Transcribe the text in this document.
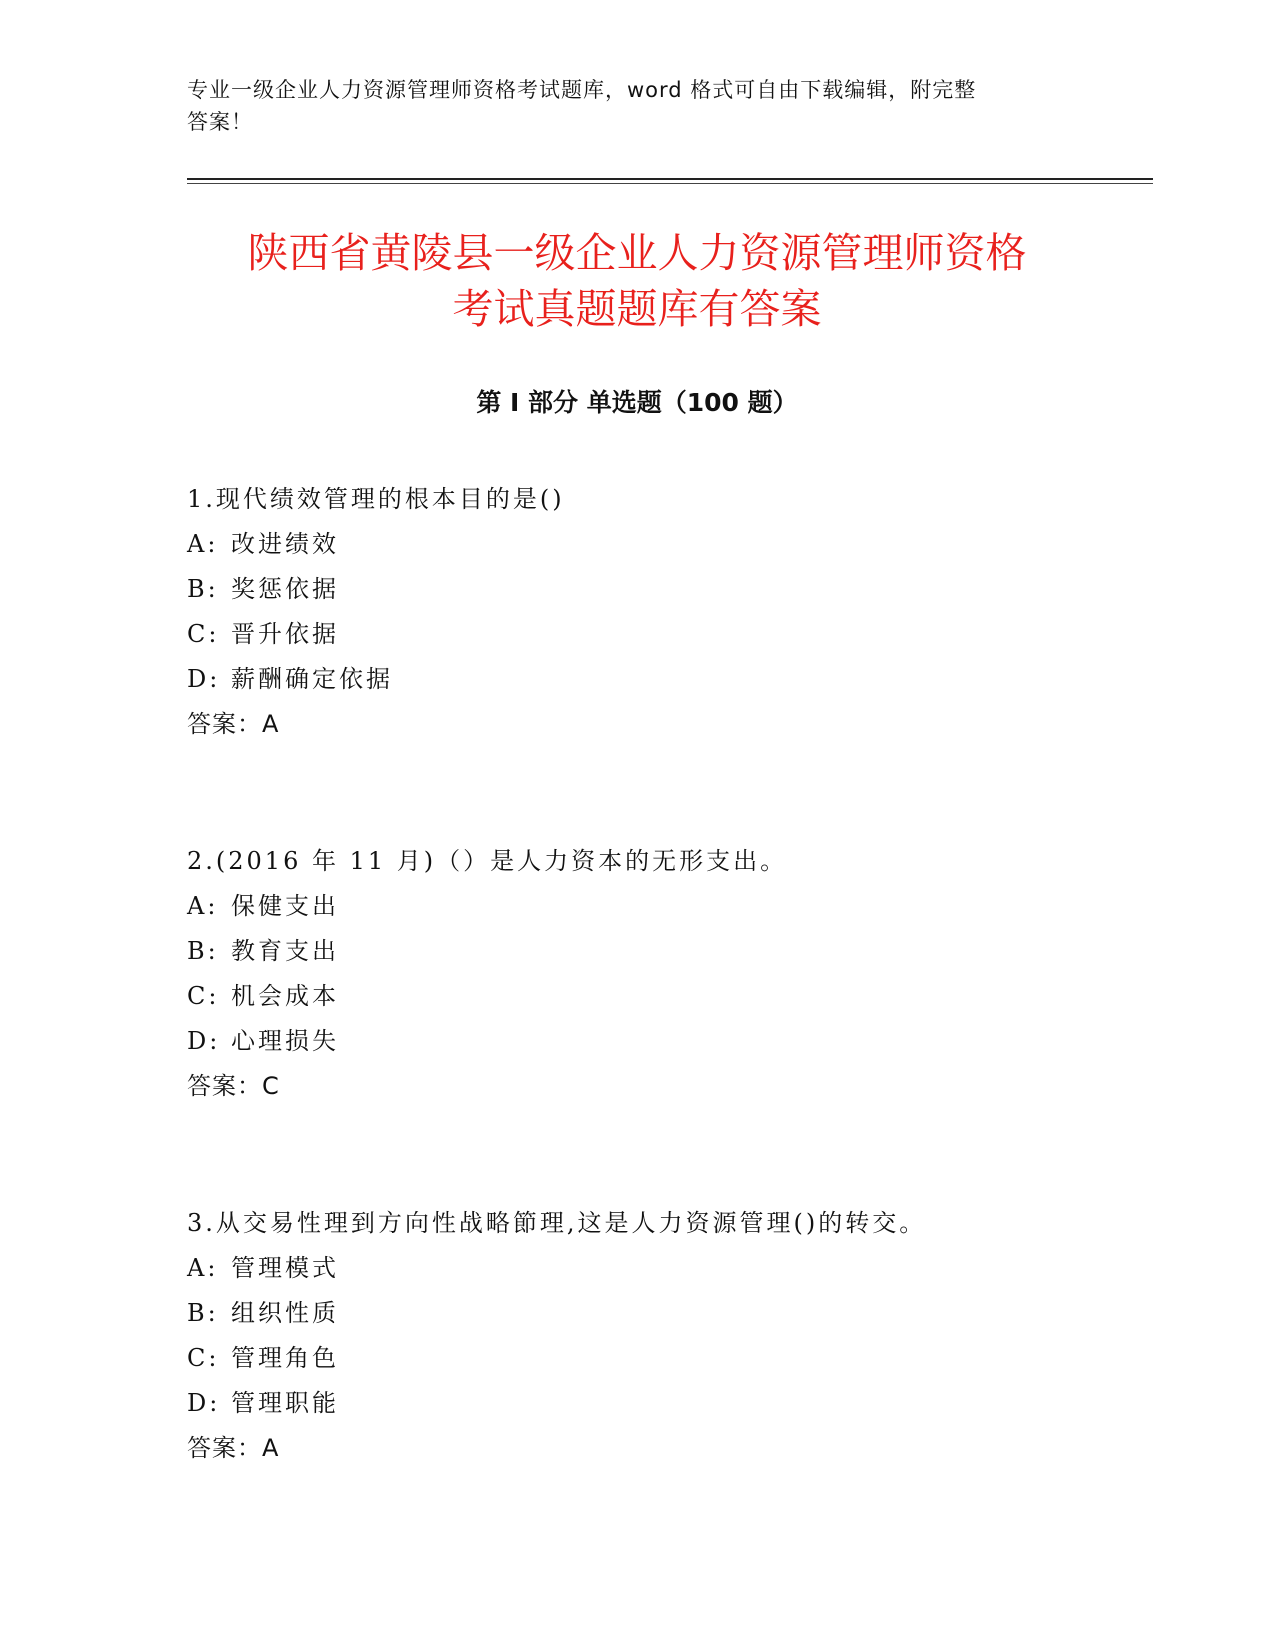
专业一级企业人力资源管理师资格考试题库，word 格式可自由下载编辑，附完整
答案！
陕西省黄陵县一级企业人力资源管理师资格
考试真题题库有答案
第 I 部分 单选题（100 题）
1.现代绩效管理的根本目的是()
A: 改进绩效
B: 奖惩依据
C: 晋升依据
D: 薪酬确定依据
答案：A
2.(2016 年 11 月)（）是人力资本的无形支出。
A: 保健支出
B: 教育支出
C: 机会成本
D: 心理损失
答案：C
3.从交易性理到方向性战略節理,这是人力资源管理()的转交。
A: 管理模式
B: 组织性质
C: 管理角色
D: 管理职能
答案：A
